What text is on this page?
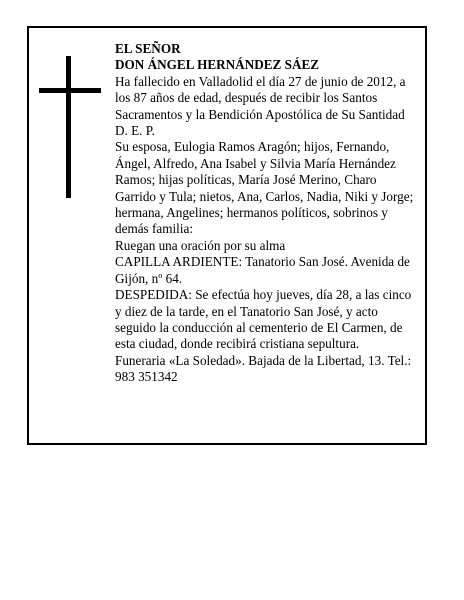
EL SEÑOR

DON ÁNGEL HERNÁNDEZ SÁEZ

Ha fallecido en Valladolid el día 27 de junio de 2012, a los 87 años de edad, después de recibir los Santos Sacramentos y la Bendición Apostólica de Su Santidad D. E. P.

Su esposa, Eulogia Ramos Aragón; hijos, Fernando, Ángel, Alfredo, Ana Isabel y Silvia María Hernández Ramos; hijas políticas, María José Merino, Charo Garrido y Tula; nietos, Ana, Carlos, Nadia, Niki y Jorge; hermana, Angelines; hermanos políticos, sobrinos y demás familia:

Ruegan una oración por su alma

CAPILLA ARDIENTE: Tanatorio San José. Avenida de Gijón, nº 64.

DESPEDIDA: Se efectúa hoy jueves, día 28, a las cinco y diez de la tarde, en el Tanatorio San José, y acto seguido la conducción al cementerio de El Carmen, de esta ciudad, donde recibirá cristiana sepultura.

Funeraria «La Soledad». Bajada de la Libertad, 13. Tel.: 983 351342
